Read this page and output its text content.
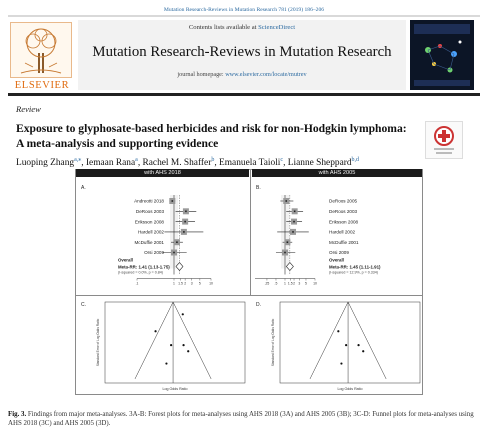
Mutation Research-Reviews in Mutation Research 781 (2019) 186–206
ELSEVIER
Contents lists available at ScienceDirect
Mutation Research-Reviews in Mutation Research
journal homepage: www.elsevier.com/locate/mutrev
Review
Exposure to glyphosate-based herbicides and risk for non-Hodgkin lymphoma: A meta-analysis and supporting evidence
Luoping Zhang$^{a,⁎}$, Iemaan Rana$^a$, Rachel M. Shaffer$^b$, Emanuela Taioli$^c$, Lianne Sheppard$^{b,d}$
with AHS 2018	with AHS 2005
A.	B.
C.	D.
Andreotti 2018
DeRoos 2003
Eriksson 2008
Hardell 2002
McDuffie 2001
Orsi 2009
Overall
Meta-RR: 1.41 (1.13-1.75)
(I-squared = 0.0%, p = 0.84)
.1	1 1.5 2 3 5 10
DeRoos 2005
DeRoos 2003
Eriksson 2008
Hardell 2002
McDuffie 2001
Orsi 2009
Overall
Meta-RR: 1.45 (1.11-1.91)
(I-squared = 12.9%, p = 0.334)
.25 .5 1 1.5 2 3 5 10
Log Odds Ratio
Standard Error of Log Odds Ratio
Log Odds Ratio
Standard Error of Log Odds Ratio
Fig. 3. Findings from major meta-analyses. 3A-B: Forest plots for meta-analyses using AHS 2018 (3A) and AHS 2005 (3B); 3C-D: Funnel plots for meta-analyses using AHS 2018 (3C) and AHS 2005 (3D).
